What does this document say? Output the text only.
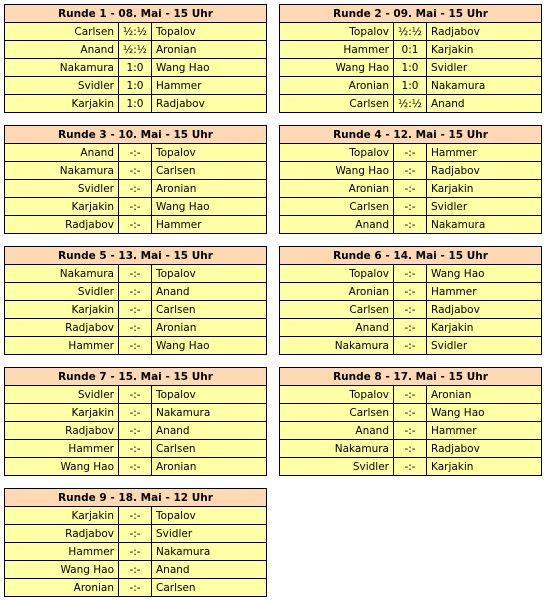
Runde 1 - 08. Mai - 15 Uhr		
Carlsen	½:½	Topalov
Anand	½:½	Aronian
Nakamura	1:0	Wang Hao
Svidler	1:0	Hammer
Karjakin	1:0	Radjabov
Runde 2 - 09. Mai - 15 Uhr		
Topalov	½:½	Radjabov
Hammer	0:1	Karjakin
Wang Hao	1:0	Svidler
Aronian	1:0	Nakamura
Carlsen	½:½	Anand
Runde 3 - 10. Mai - 15 Uhr		
Anand	-:-	Topalov
Nakamura	-:-	Carlsen
Svidler	-:-	Aronian
Karjakin	-:-	Wang Hao
Radjabov	-:-	Hammer
Runde 4 - 12. Mai - 15 Uhr		
Topalov	-:-	Hammer
Wang Hao	-:-	Radjabov
Aronian	-:-	Karjakin
Carlsen	-:-	Svidler
Anand	-:-	Nakamura
Runde 5 - 13. Mai - 15 Uhr		
Nakamura	-:-	Topalov
Svidler	-:-	Anand
Karjakin	-:-	Carlsen
Radjabov	-:-	Aronian
Hammer	-:-	Wang Hao
Runde 6 - 14. Mai - 15 Uhr		
Topalov	-:-	Wang Hao
Aronian	-:-	Hammer
Carlsen	-:-	Radjabov
Anand	-:-	Karjakin
Nakamura	-:-	Svidler
Runde 7 - 15. Mai - 15 Uhr		
Svidler	-:-	Topalov
Karjakin	-:-	Nakamura
Radjabov	-:-	Anand
Hammer	-:-	Carlsen
Wang Hao	-:-	Aronian
Runde 8 - 17. Mai - 15 Uhr		
Topalov	-:-	Aronian
Carlsen	-:-	Wang Hao
Anand	-:-	Hammer
Nakamura	-:-	Radjabov
Svidler	-:-	Karjakin
Runde 9 - 18. Mai - 12 Uhr		
Karjakin	-:-	Topalov
Radjabov	-:-	Svidler
Hammer	-:-	Nakamura
Wang Hao	-:-	Anand
Aronian	-:-	Carlsen
